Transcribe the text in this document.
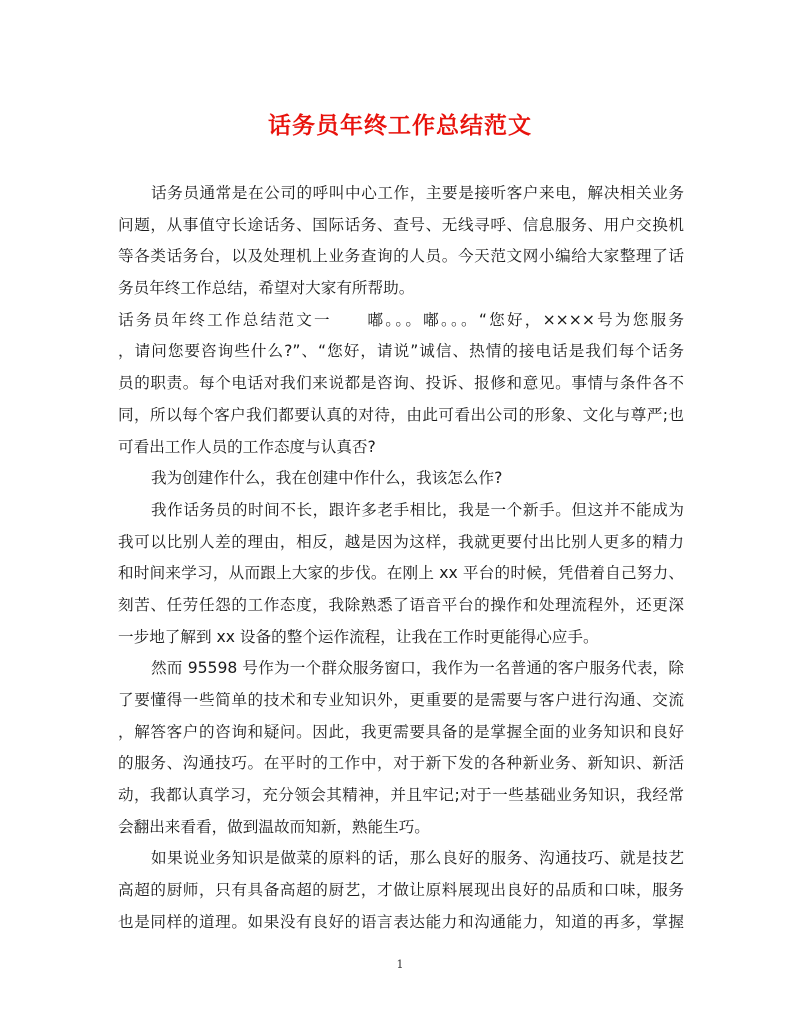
话务员年终工作总结范文
话务员通常是在公司的呼叫中心工作，主要是接听客户来电，解决相关业务
问题，从事值守长途话务、国际话务、查号、无线寻呼、信息服务、用户交换机
等各类话务台，以及处理机上业务查询的人员。今天范文网小编给大家整理了话
务员年终工作总结，希望对大家有所帮助。
话务员年终工作总结范文一　　嘟。。。嘟。。。“您好，××××号为您服务
，请问您要咨询些什么?”、“您好，请说”诚信、热情的接电话是我们每个话务
员的职责。每个电话对我们来说都是咨询、投诉、报修和意见。事情与条件各不
同，所以每个客户我们都要认真的对待，由此可看出公司的形象、文化与尊严;也
可看出工作人员的工作态度与认真否?
我为创建作什么，我在创建中作什么，我该怎么作?
我作话务员的时间不长，跟许多老手相比，我是一个新手。但这并不能成为
我可以比别人差的理由，相反，越是因为这样，我就更要付出比别人更多的精力
和时间来学习，从而跟上大家的步伐。在刚上 xx 平台的时候，凭借着自己努力、
刻苦、任劳任怨的工作态度，我除熟悉了语音平台的操作和处理流程外，还更深
一步地了解到 xx 设备的整个运作流程，让我在工作时更能得心应手。
然而 95598 号作为一个群众服务窗口，我作为一名普通的客户服务代表，除
了要懂得一些简单的技术和专业知识外，更重要的是需要与客户进行沟通、交流
，解答客户的咨询和疑问。因此，我更需要具备的是掌握全面的业务知识和良好
的服务、沟通技巧。在平时的工作中，对于新下发的各种新业务、新知识、新活
动，我都认真学习，充分领会其精神，并且牢记;对于一些基础业务知识，我经常
会翻出来看看，做到温故而知新，熟能生巧。
如果说业务知识是做菜的原料的话，那么良好的服务、沟通技巧、就是技艺
高超的厨师，只有具备高超的厨艺，才做让原料展现出良好的品质和口味，服务
也是同样的道理。如果没有良好的语言表达能力和沟通能力，知道的再多，掌握
1
